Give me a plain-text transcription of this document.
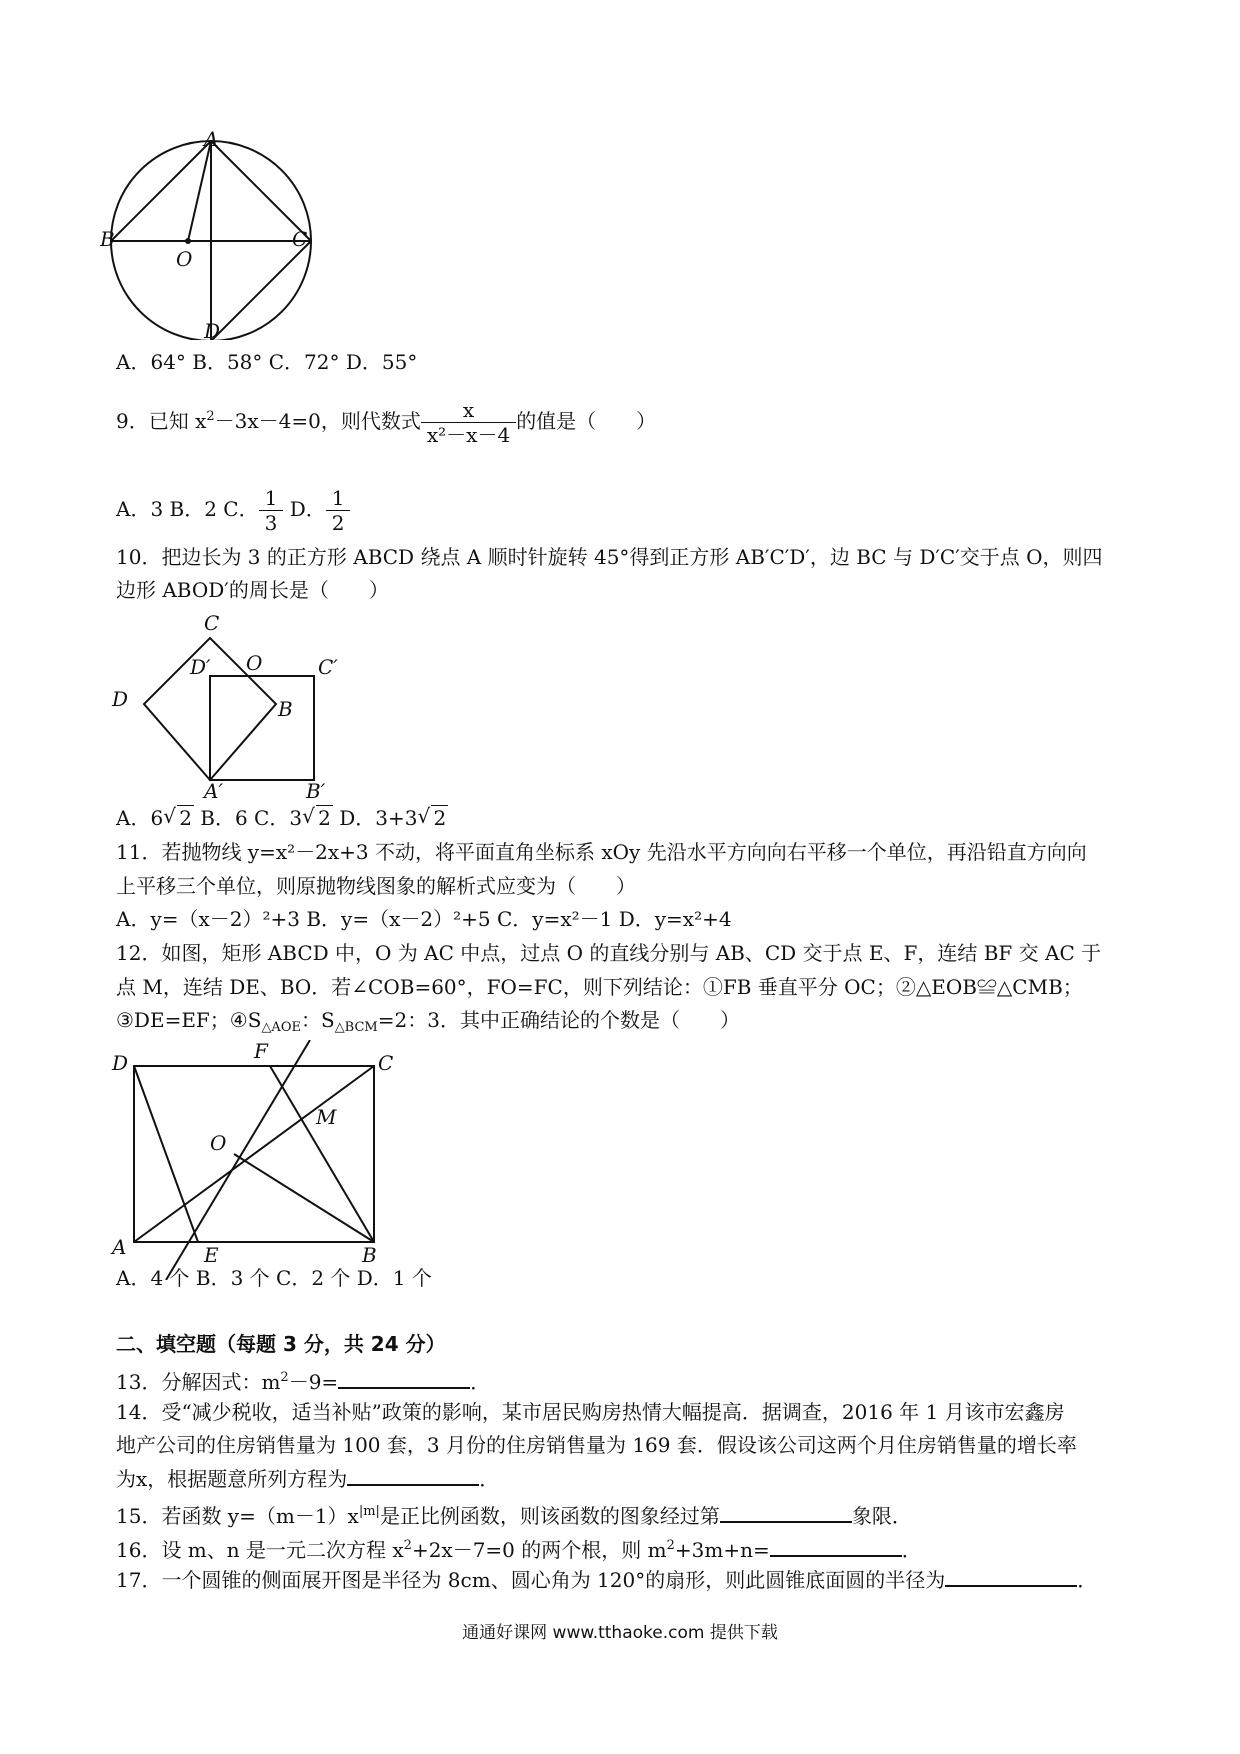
A
B	C
D
O
A．64° B．58° C．72° D．55°
9．已知 $x^2-3x-4=0$，则代数式 $\frac{x}{\text{x²－x－4}}$ 的值是（　　）
A．3 B．2 C． $\frac{1}{3}$ D． $\frac{1}{2}$
10．把边长为 3 的正方形 ABCD 绕点 A 顺时针旋转 45°得到正方形 AB′C′D′，边 BC 与 D′C′交于点 O，则四
边形 ABOD′的周长是（　　）
C
D′ O	C′
D	B
A′	B′
A．6 √ 2 B．6 C．3 √ 2 D．3+3 √ 2
11．若抛物线 y=x²－2x+3 不动，将平面直角坐标系 xOy 先沿水平方向向右平移一个单位，再沿铅直方向向
上平移三个单位，则原抛物线图象的解析式应变为（　　）
A．y=（x－2）²+3 B．y=（x－2）²+5 C．y=x²－1 D．y=x²+4
12．如图，矩形 ABCD 中，O 为 AC 中点，过点 O 的直线分别与 AB、CD 交于点 E、F，连结 BF 交 AC 于
点 M，连结 DE、BO．若∠COB=60°，FO=FC，则下列结论：①FB 垂直平分 OC；②△EOB≌△CMB；
③DE=EF；$④S_{\triangle AOE}$：$S_{\triangle BCM}=2$：3．其中正确结论的个数是（　　）
D	F	C
M
O
A	E	B
A．4 个 B．3 个 C．2 个 D．1 个
二、填空题（每题 3 分，共 24 分）
13．分解因式：$m^2-9=$	．
14．受“减少税收，适当补贴”政策的影响，某市居民购房热情大幅提高．据调查，2016 年 1 月该市宏鑫房
地产公司的住房销售量为 100 套，3 月份的住房销售量为 169 套．假设该公司这两个月住房销售量的增长率
为x，根据题意所列方程为	．
15．若函数 $y=(m-1)x^{|m|}$是正比例函数，则该函数的图象经过第	象限．
16．设 m、n 是一元二次方程 $x^2+2x-7=0$ 的两个根，则 $m^2+3m+n=$	．
17．一个圆锥的侧面展开图是半径为 8cm、圆心角为 120°的扇形，则此圆锥底面圆的半径为	．
通通好课网 www.tthaoke.com 提供下载
